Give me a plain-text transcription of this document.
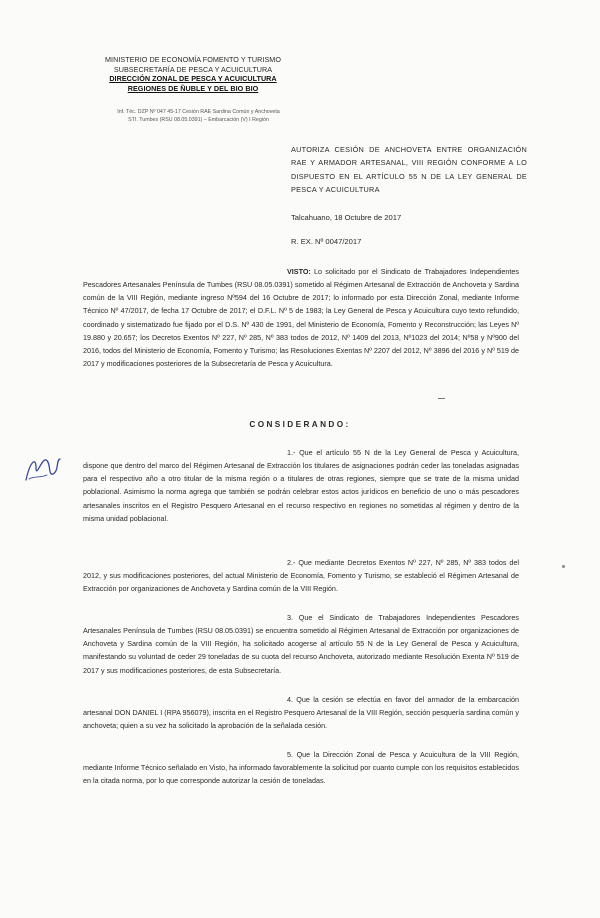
MINISTERIO DE ECONOMÍA FOMENTO Y TURISMO
SUBSECRETARÍA DE PESCA Y ACUICULTURA
DIRECCIÓN ZONAL DE PESCA Y ACUICULTURA
REGIONES DE ÑUBLE Y DEL BIO BIO
Inf. Téc. DZP Nº 047 45-17 Cesión RAE Sardina Común y Anchoveta
STI. Tumbes (RSU 08.05.0391) – Embarcación (V) I Región
AUTORIZA CESIÓN DE ANCHOVETA ENTRE ORGANIZACIÓN RAE Y ARMADOR ARTESANAL, VIII REGIÓN CONFORME A LO DISPUESTO EN EL ARTÍCULO 55 N DE LA LEY GENERAL DE PESCA Y ACUICULTURA
Talcahuano, 18 Octubre de 2017
R. EX. Nº 0047/2017
VISTO: Lo solicitado por el Sindicato de Trabajadores Independientes Pescadores Artesanales Península de Tumbes (RSU 08.05.0391) sometido al Régimen Artesanal de Extracción de Anchoveta y Sardina común de la VIII Región, mediante ingreso Nº594 del 16 Octubre de 2017; lo informado por esta Dirección Zonal, mediante Informe Técnico Nº 47/2017, de fecha 17 Octubre de 2017; el D.F.L. Nº 5 de 1983; la Ley General de Pesca y Acuicultura cuyo texto refundido, coordinado y sistematizado fue fijado por el D.S. Nº 430 de 1991, del Ministerio de Economía, Fomento y Reconstrucción; las Leyes Nº 19.880 y 20.657; los Decretos Exentos Nº 227, Nº 285, Nº 383 todos de 2012, Nº 1409 del 2013, Nº1023 del 2014; Nº58 y Nº900 del 2016, todos del Ministerio de Economía, Fomento y Turismo; las Resoluciones Exentas Nº 2207 del 2012, Nº 3896 del 2016 y Nº 519 de 2017 y modificaciones posteriores de la Subsecretaría de Pesca y Acuicultura.
CONSIDERANDO:
1.- Que el artículo 55 N de la Ley General de Pesca y Acuicultura, dispone que dentro del marco del Régimen Artesanal de Extracción los titulares de asignaciones podrán ceder las toneladas asignadas para el respectivo año a otro titular de la misma región o a titulares de otras regiones, siempre que se trate de la misma unidad poblacional. Asimismo la norma agrega que también se podrán celebrar estos actos jurídicos en beneficio de uno o más pescadores artesanales inscritos en el Registro Pesquero Artesanal en el recurso respectivo en regiones no sometidas al régimen y dentro de la misma unidad poblacional.
2.- Que mediante Decretos Exentos Nº 227, Nº 285, Nº 383 todos del 2012, y sus modificaciones posteriores, del actual Ministerio de Economía, Fomento y Turismo, se estableció el Régimen Artesanal de Extracción por organizaciones de Anchoveta y Sardina común de la VIII Región.
3. Que el Sindicato de Trabajadores Independientes Pescadores Artesanales Península de Tumbes (RSU 08.05.0391) se encuentra sometido al Régimen Artesanal de Extracción por organizaciones de Anchoveta y Sardina común de la VIII Región, ha solicitado acogerse al artículo 55 N de la Ley General de Pesca y Acuicultura, manifestando su voluntad de ceder 29 toneladas de su cuota del recurso Anchoveta, autorizado mediante Resolución Exenta Nº 519 de 2017 y sus modificaciones posteriores, de esta Subsecretaría.
4. Que la cesión se efectúa en favor del armador de la embarcación artesanal DON DANIEL I (RPA 956079), inscrita en el Registro Pesquero Artesanal de la VIII Región, sección pesquería sardina común y anchoveta; quien a su vez ha solicitado la aprobación de la señalada cesión.
5. Que la Dirección Zonal de Pesca y Acuicultura de la VIII Región, mediante Informe Técnico señalado en Visto, ha informado favorablemente la solicitud por cuanto cumple con los requisitos establecidos en la citada norma, por lo que corresponde autorizar la cesión de toneladas.
